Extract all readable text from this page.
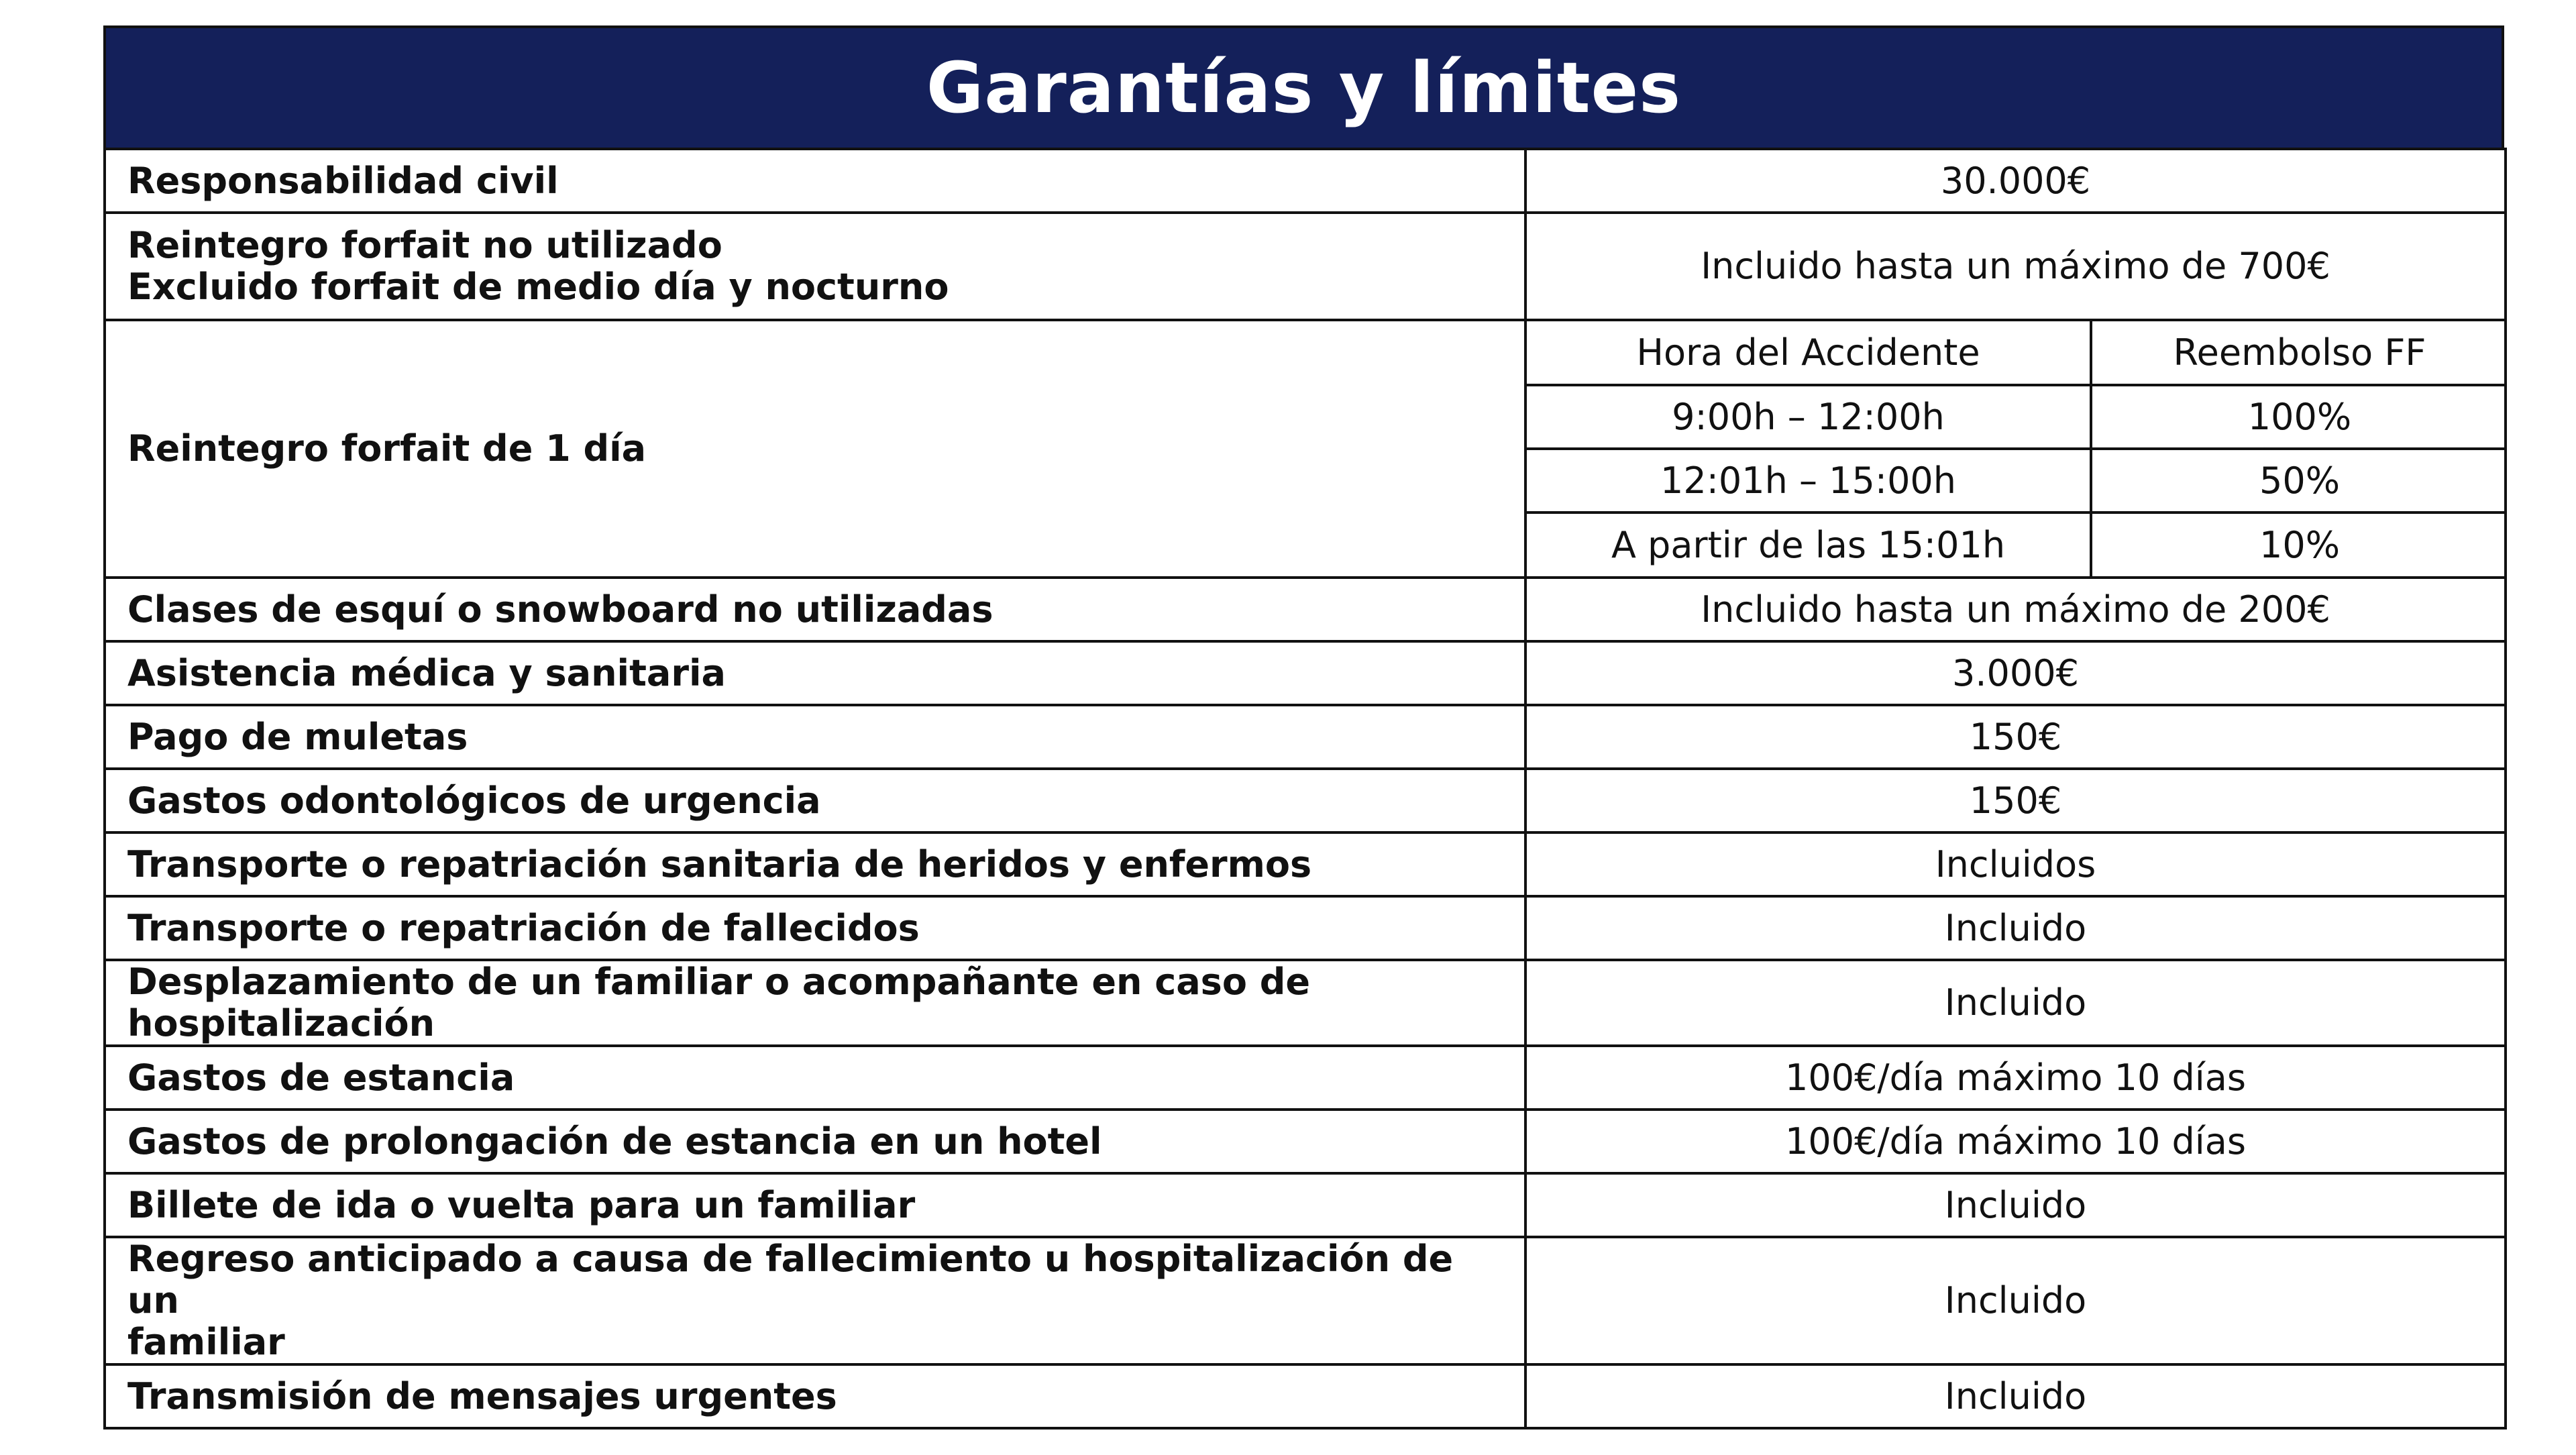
Garantías y límites
Responsabilidad civil	30.000€

Reintegro forfait no utilizado
Excluido forfait de medio día y nocturno	Incluido hasta un máximo de 700€
Reintegro forfait de 1 día	
Hora del Accidente	Reembolso FF
9:00h – 12:00h	100%
12:01h – 15:00h	50%
A partir de las 15:01h	10%

Clases de esquí o snowboard no utilizadas	Incluido hasta un máximo de 200€
Asistencia médica y sanitaria	3.000€
Pago de muletas	150€
Gastos odontológicos de urgencia	150€
Transporte o repatriación sanitaria de heridos y enfermos	Incluidos
Transporte o repatriación de fallecidos	Incluido
Desplazamiento de un familiar o acompañante en caso de hospitalización	Incluido
Gastos de estancia	100€/día máximo 10 días
Gastos de prolongación de estancia en un hotel	100€/día máximo 10 días
Billete de ida o vuelta para un familiar	Incluido

Regreso anticipado a causa de fallecimiento u hospitalización de un
familiar
	Incluido
Transmisión de mensajes urgentes	Incluido
